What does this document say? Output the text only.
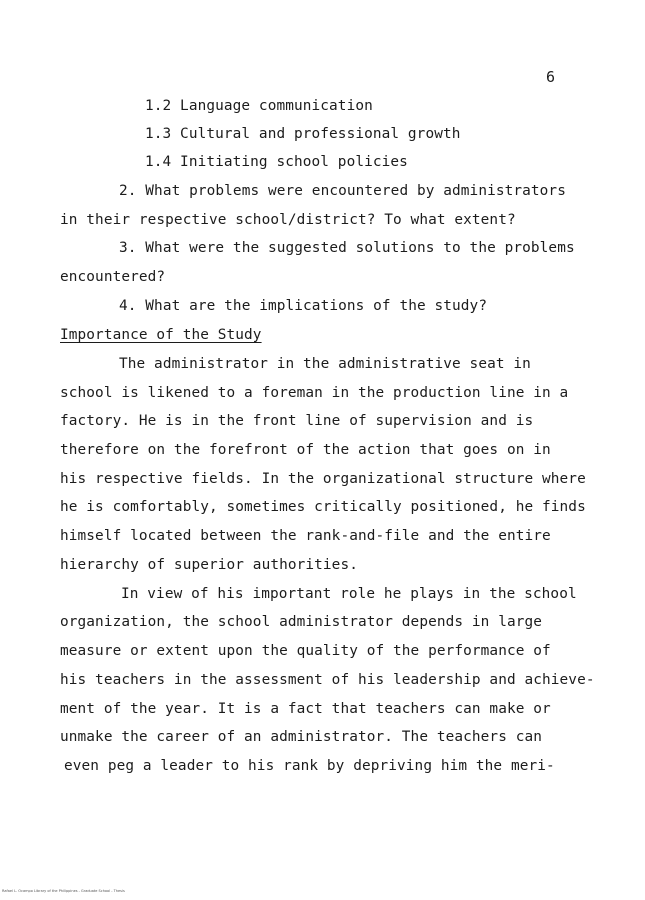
6
1.2 Language communication
1.3 Cultural and professional growth
1.4 Initiating school policies
2. What problems were encountered by administrators
in their respective school/district? To what extent?
3. What were the suggested solutions to the problems
encountered?
4. What are the implications of the study?
Importance of the Study
The administrator in the administrative seat in
school is likened to a foreman in the production line in a
factory. He is in the front line of supervision and is
therefore on the forefront of the action that goes on in
his respective fields. In the organizational structure where
he is comfortably, sometimes critically positioned, he finds
himself located between the rank-and-file and the entire
hierarchy of superior authorities.
In view of his important role he plays in the school
organization, the school administrator depends in large
measure or extent upon the quality of the performance of
his teachers in the assessment of his leadership and achieve-
ment of the year. It is a fact that teachers can make or
unmake the career of an administrator. The teachers can
even peg a leader to his rank by depriving him the meri-
Rafael L. Ocampo Library of the Philippines - Graduate School - Thesis
